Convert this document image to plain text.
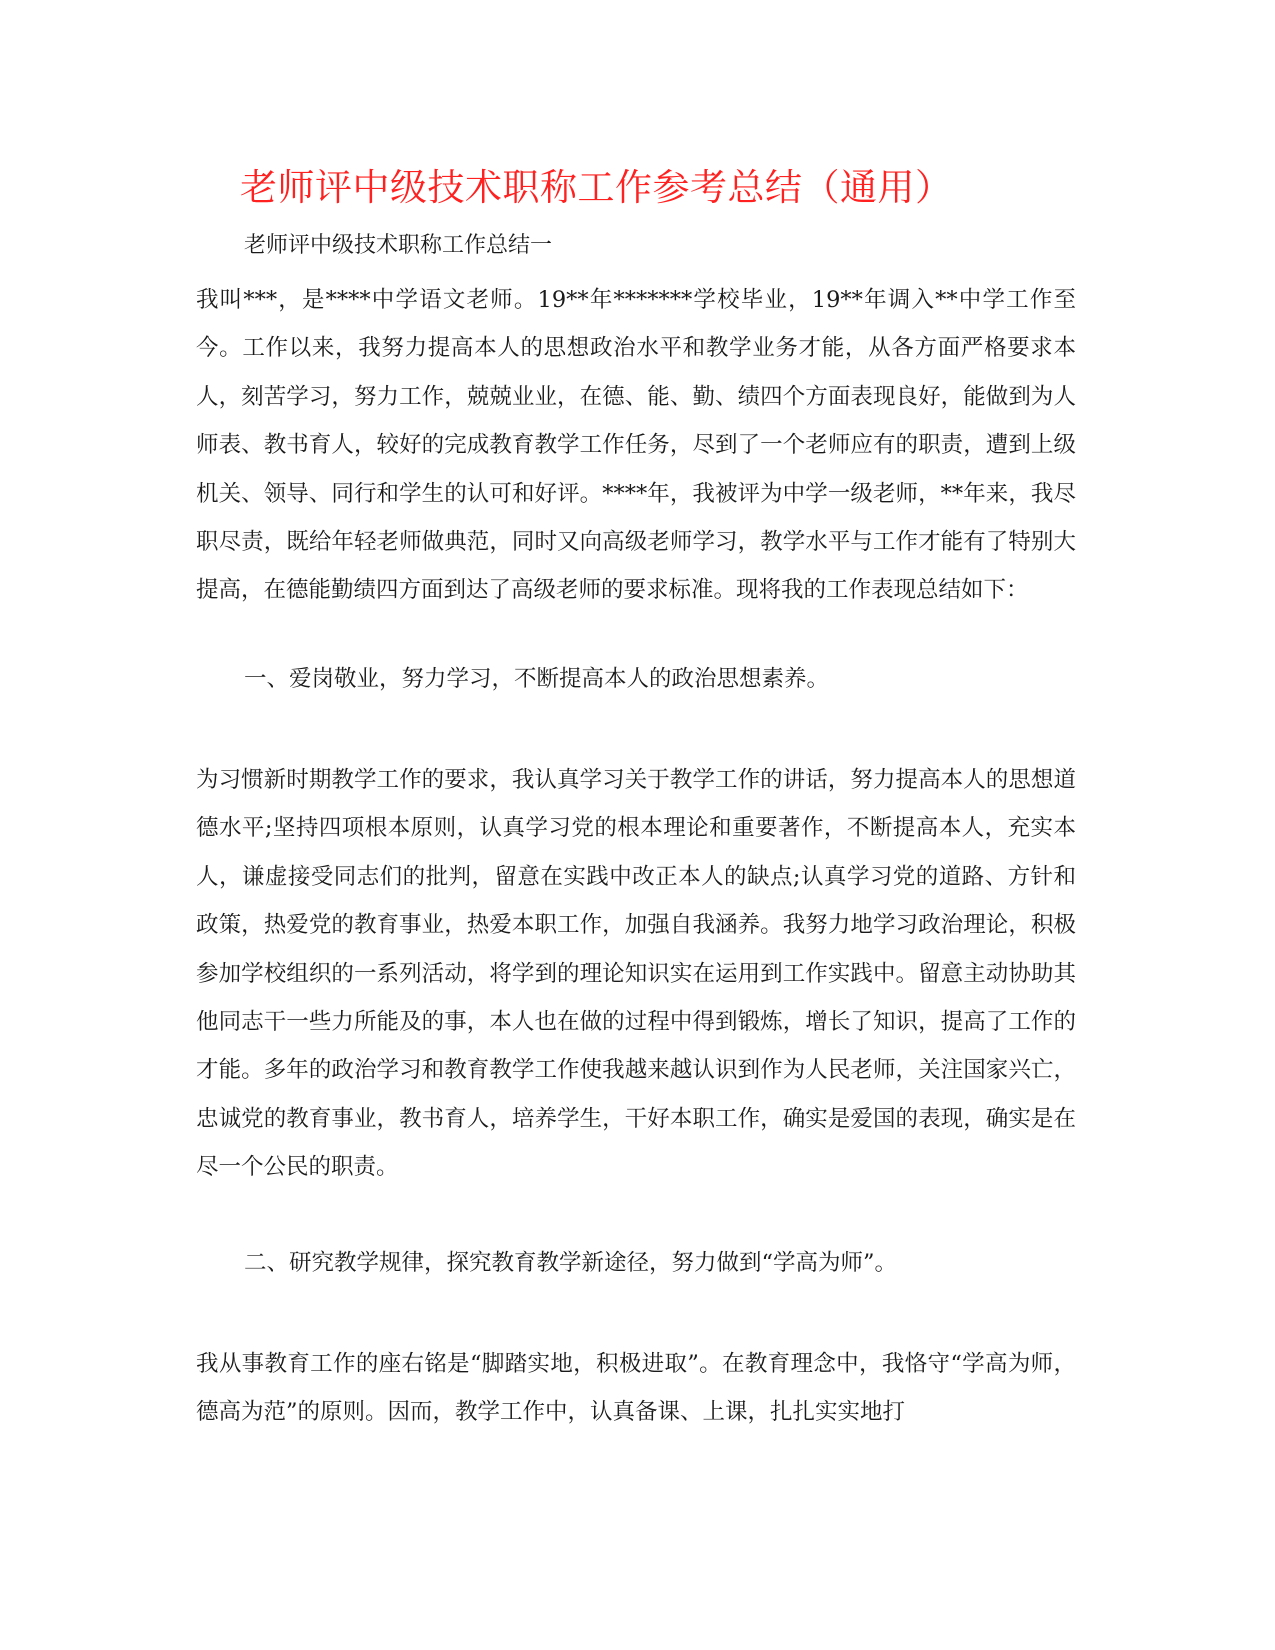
老师评中级技术职称工作参考总结（通用）
老师评中级技术职称工作总结一
我叫***，是****中学语文老师。19**年*******学校毕业，19**年调入**中学工作至今。工作以来，我努力提高本人的思想政治水平和教学业务才能，从各方面严格要求本人，刻苦学习，努力工作，兢兢业业，在德、能、勤、绩四个方面表现良好，能做到为人师表、教书育人，较好的完成教育教学工作任务，尽到了一个老师应有的职责，遭到上级机关、领导、同行和学生的认可和好评。****年，我被评为中学一级老师，**年来，我尽职尽责，既给年轻老师做典范，同时又向高级老师学习，教学水平与工作才能有了特别大提高，在德能勤绩四方面到达了高级老师的要求标准。现将我的工作表现总结如下：
一、爱岗敬业，努力学习，不断提高本人的政治思想素养。
为习惯新时期教学工作的要求，我认真学习关于教学工作的讲话，努力提高本人的思想道德水平;坚持四项根本原则，认真学习党的根本理论和重要著作，不断提高本人，充实本人，谦虚接受同志们的批判，留意在实践中改正本人的缺点;认真学习党的道路、方针和政策，热爱党的教育事业，热爱本职工作，加强自我涵养。我努力地学习政治理论，积极参加学校组织的一系列活动，将学到的理论知识实在运用到工作实践中。留意主动协助其他同志干一些力所能及的事，本人也在做的过程中得到锻炼，增长了知识，提高了工作的才能。多年的政治学习和教育教学工作使我越来越认识到作为人民老师，关注国家兴亡，忠诚党的教育事业，教书育人，培养学生，干好本职工作，确实是爱国的表现，确实是在尽一个公民的职责。
二、研究教学规律，探究教育教学新途径，努力做到“学高为师”。
我从事教育工作的座右铭是“脚踏实地，积极进取”。在教育理念中，我恪守“学高为师，德高为范”的原则。因而，教学工作中，认真备课、上课，扎扎实实地打
